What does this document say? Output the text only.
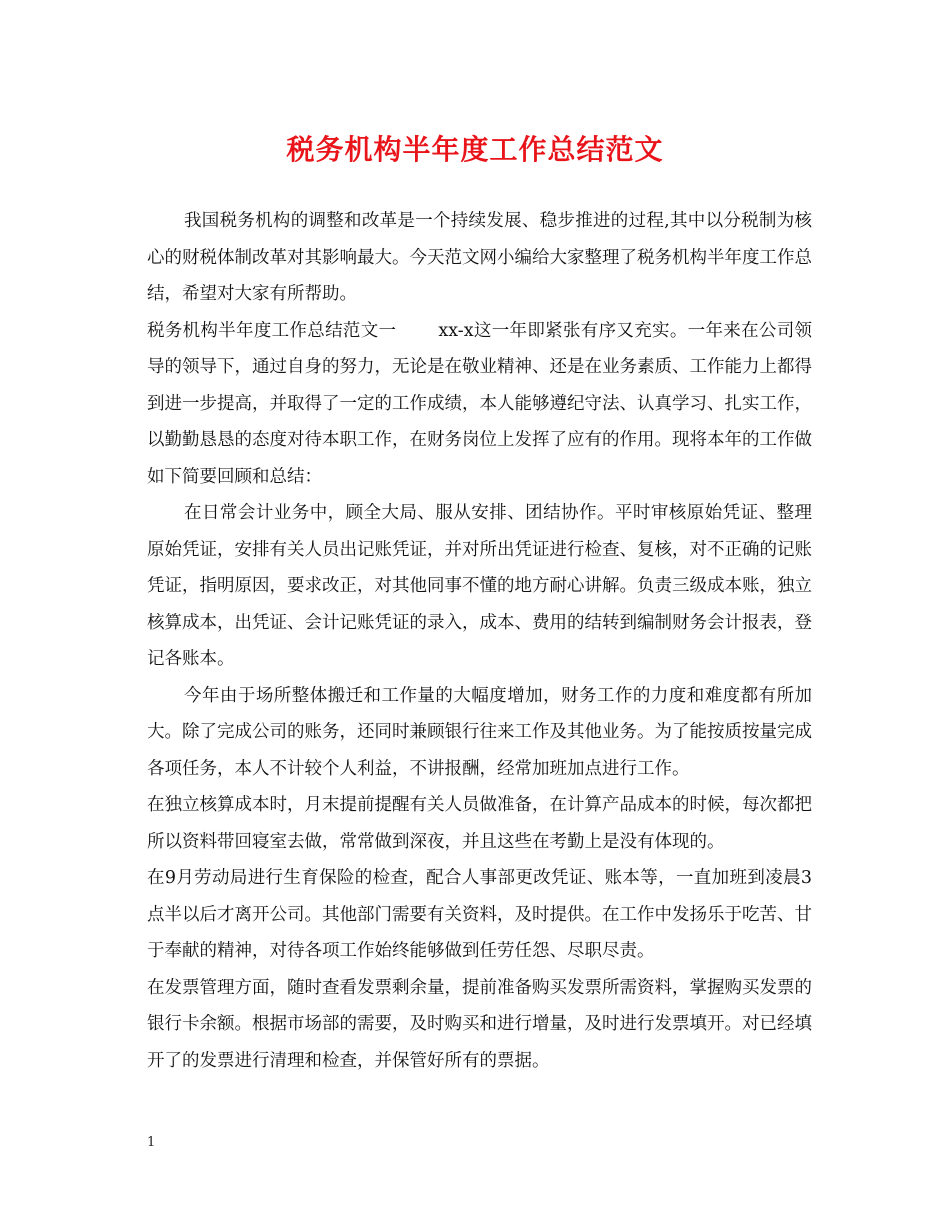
税务机构半年度工作总结范文

我国税务机构的调整和改革是一个持续发展、稳步推进的过程,其中以分税制为核心的财税体制改革对其影响最大。今天范文网小编给大家整理了税务机构半年度工作总结，希望对大家有所帮助。

税务机构半年度工作总结范文一 xx-x这一年即紧张有序又充实。一年来在公司领导的领导下，通过自身的努力，无论是在敬业精神、还是在业务素质、工作能力上都得到进一步提高，并取得了一定的工作成绩，本人能够遵纪守法、认真学习、扎实工作，以勤勤恳恳的态度对待本职工作，在财务岗位上发挥了应有的作用。现将本年的工作做如下简要回顾和总结：

在日常会计业务中，顾全大局、服从安排、团结协作。平时审核原始凭证、整理原始凭证，安排有关人员出记账凭证，并对所出凭证进行检查、复核，对不正确的记账凭证，指明原因，要求改正，对其他同事不懂的地方耐心讲解。负责三级成本账，独立核算成本，出凭证、会计记账凭证的录入，成本、费用的结转到编制财务会计报表，登记各账本。

今年由于场所整体搬迁和工作量的大幅度增加，财务工作的力度和难度都有所加大。除了完成公司的账务，还同时兼顾银行往来工作及其他业务。为了能按质按量完成各项任务，本人不计较个人利益，不讲报酬，经常加班加点进行工作。

在独立核算成本时，月末提前提醒有关人员做准备，在计算产品成本的时候，每次都把所以资料带回寝室去做，常常做到深夜，并且这些在考勤上是没有体现的。

在9月劳动局进行生育保险的检查，配合人事部更改凭证、账本等，一直加班到凌晨3点半以后才离开公司。其他部门需要有关资料，及时提供。在工作中发扬乐于吃苦、甘于奉献的精神，对待各项工作始终能够做到任劳任怨、尽职尽责。

在发票管理方面，随时查看发票剩余量，提前准备购买发票所需资料，掌握购买发票的银行卡余额。根据市场部的需要，及时购买和进行增量，及时进行发票填开。对已经填开了的发票进行清理和检查，并保管好所有的票据。

1
